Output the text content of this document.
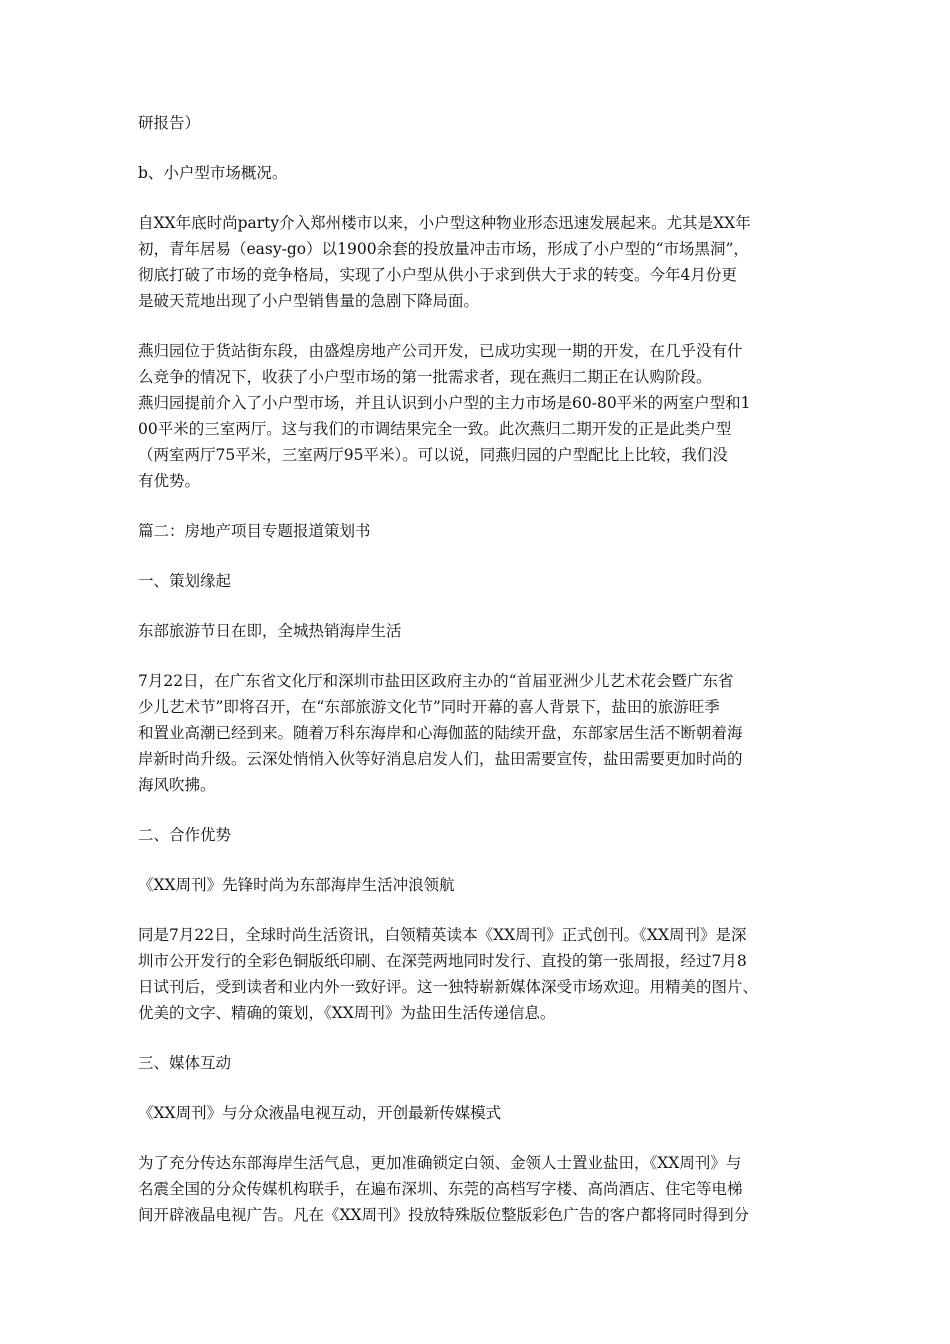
研报告）
b、小户型市场概况。
自XX年底时尚party介入郑州楼市以来，小户型这种物业形态迅速发展起来。尤其是XX年
初，青年居易（easy-go）以1900余套的投放量冲击市场，形成了小户型的“市场黑洞”，
彻底打破了市场的竞争格局，实现了小户型从供小于求到供大于求的转变。今年4月份更
是破天荒地出现了小户型销售量的急剧下降局面。
燕归园位于货站街东段，由盛煌房地产公司开发，已成功实现一期的开发，在几乎没有什
么竞争的情况下，收获了小户型市场的第一批需求者，现在燕归二期正在认购阶段。
燕归园提前介入了小户型市场，并且认识到小户型的主力市场是60-80平米的两室户型和1
00平米的三室两厅。这与我们的市调结果完全一致。此次燕归二期开发的正是此类户型
（两室两厅75平米，三室两厅95平米）。可以说，同燕归园的户型配比上比较，我们没
有优势。
篇二：房地产项目专题报道策划书
一、策划缘起
东部旅游节日在即，全城热销海岸生活
7月22日，在广东省文化厅和深圳市盐田区政府主办的“首届亚洲少儿艺术花会暨广东省
少儿艺术节”即将召开，在“东部旅游文化节”同时开幕的喜人背景下，盐田的旅游旺季
和置业高潮已经到来。随着万科东海岸和心海伽蓝的陆续开盘，东部家居生活不断朝着海
岸新时尚升级。云深处悄悄入伙等好消息启发人们，盐田需要宣传，盐田需要更加时尚的
海风吹拂。
二、合作优势
《XX周刊》先锋时尚为东部海岸生活冲浪领航
同是7月22日，全球时尚生活资讯，白领精英读本《XX周刊》正式创刊。《XX周刊》是深
圳市公开发行的全彩色铜版纸印刷、在深莞两地同时发行、直投的第一张周报，经过7月8
日试刊后，受到读者和业内外一致好评。这一独特崭新媒体深受市场欢迎。用精美的图片、
优美的文字、精确的策划，《XX周刊》为盐田生活传递信息。
三、媒体互动
《XX周刊》与分众液晶电视互动，开创最新传媒模式
为了充分传达东部海岸生活气息，更加准确锁定白领、金领人士置业盐田，《XX周刊》与
名震全国的分众传媒机构联手，在遍布深圳、东莞的高档写字楼、高尚酒店、住宅等电梯
间开辟液晶电视广告。凡在《XX周刊》投放特殊版位整版彩色广告的客户都将同时得到分
